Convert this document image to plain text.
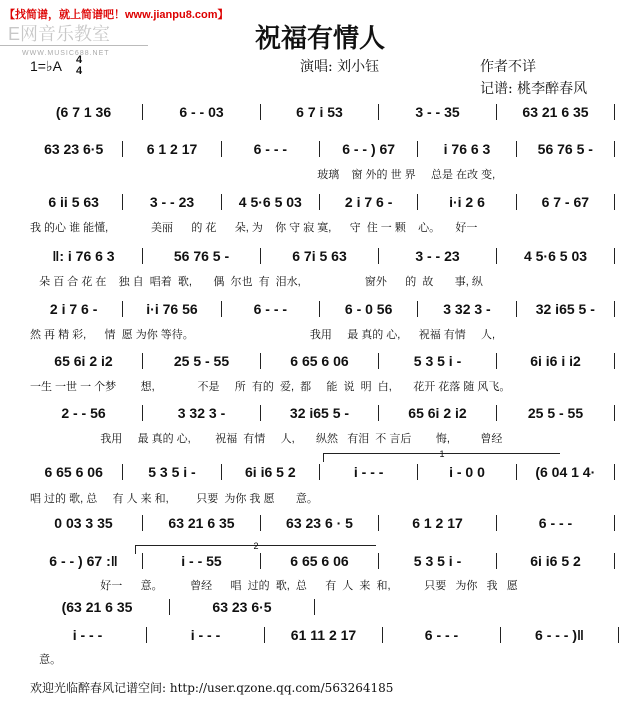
【找简谱，就上简谱吧！www.jianpu8.com】
E网音乐教室
WWW.MUSIC688.NET	祝福有情人
1=♭A 4
4	演唱: 刘小钰	作者不详
记谱: 桃李醉春风
(6 7 1 36	6 - - 03	6 7 i 53	3 - - 35	63 21 6 35
63 23 6·5	6 1 2 17	6 - - -	6 - - ) 67	i 76 6 3	56 76 5 -
玻璃    窗 外的 世 界     总是 在改 变,
6 ii 5 63	3 - - 23	4 5·6 5 03	2 i 7 6 -	i·i 2 6	6 7 - 67
我 的心 谁 能懂,              美丽      的 花      朵, 为    你 守 寂 寞,      守  住 一 颗    心。     好一
‖: i 76 6 3	56 76 5 -	6 7i 5 63	3 - - 23	4 5·6 5 03
朵 百 合 花 在    独 自  唱着  歌,       偶  尔也  有  泪水,                     窗外      的  故       事, 纵
2 i 7 6 -	i·i 76 56	6 - - -	6 - 0 56	3 32 3 -	32 i65 5 -
然 再 精 彩,      情  愿 为你 等待。                                      我用     最 真的 心,      祝福 有情     人,
65 6i 2 i2	25 5 - 55	6 65 6 06	5 3 5 i -	6i i6 i i2
一生 一世 一 个梦        想,              不是     所  有的  爱,  都     能  说  明  白,       花开 花落 随 风飞。
2 - - 56	3 32 3 -	32 i65 5 -	65 6i 2 i2	25 5 - 55
我用     最 真的 心,        祝福  有情     人,       纵然   有泪  不 言后        悔,          曾经
6 65 6 06	5 3 5 i -	6i i6 5 2	i - - -	i - 0 0	(6 04 1 4·
唱 过的 歌, 总     有 人 来 和,         只要  为你 我 愿       意。
0 03 3 35	63 21 6 35	63 23 6 · 5	6 1 2 17	6 - - -
6 - - ) 67 :‖	i - - 55	6 65 6 06	5 3 5 i -	6i i6 5 2
好一      意。         曾经      唱  过的  歌,  总      有  人  来  和,           只要   为你   我   愿
(63 21 6 35	63 23 6·5
i - - -	i - - -	61 11 2 17	6 - - -	6 - - - )‖
意。
1
2
欢迎光临醉春风记谱空间: http://user.qzone.qq.com/563264185
